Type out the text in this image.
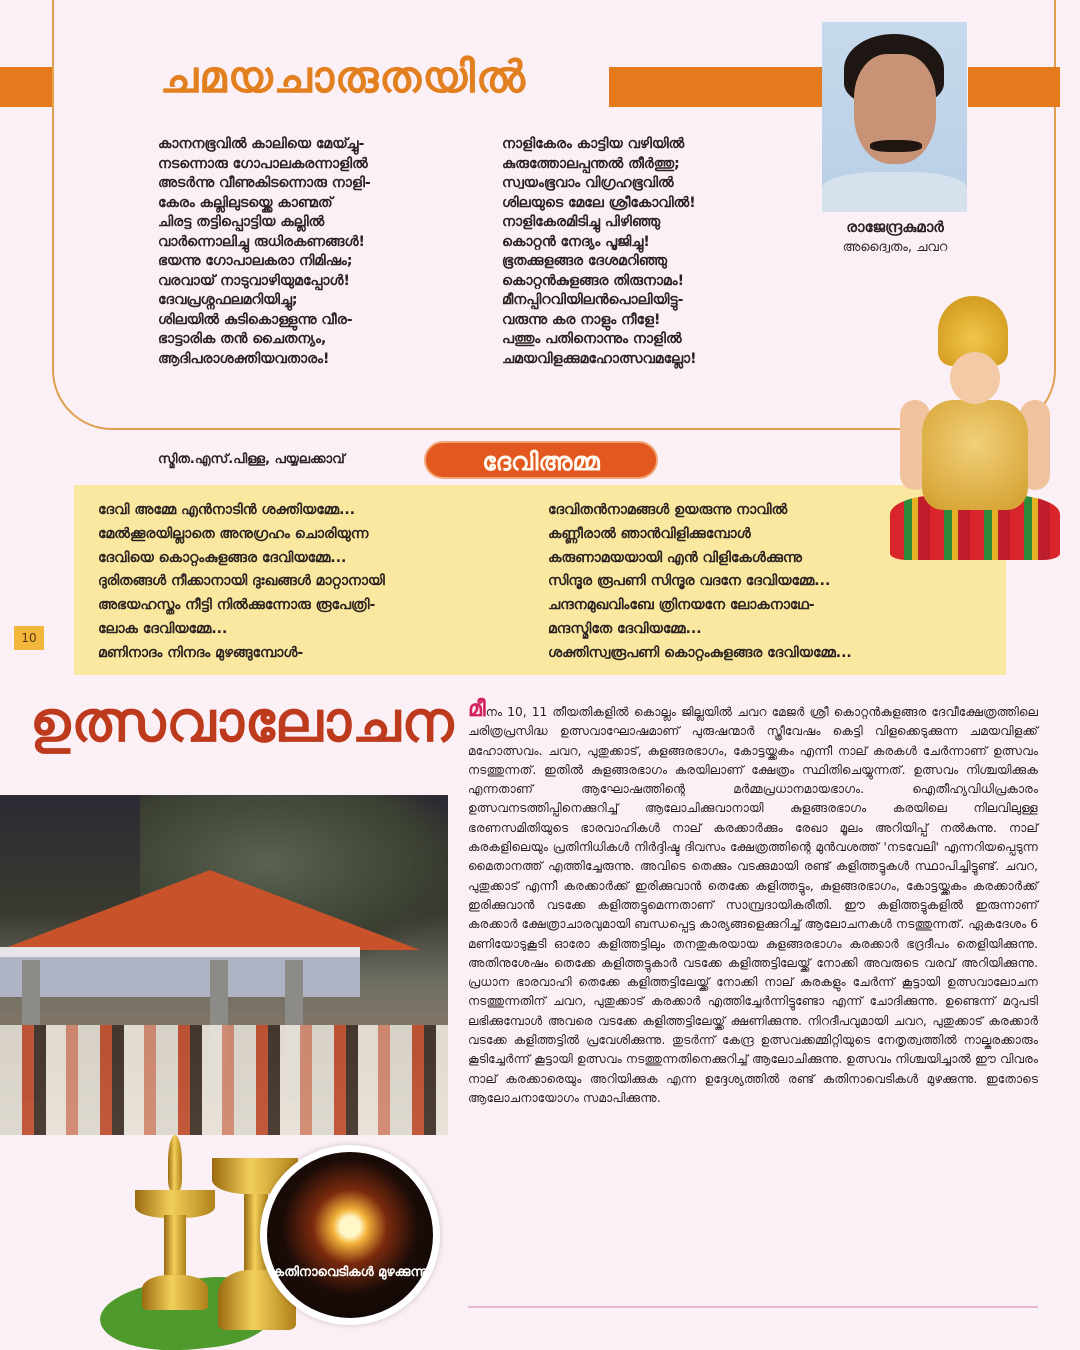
ചമയചാരുതയിൽ
കാനനഭൂവിൽ കാലിയെ മേയ്ച്ചു-
നടന്നൊരു ഗോപാലകരന്നാളിൽ
അടർന്നു വീണുകിടന്നൊരു നാളി-
കേരം കല്ലിലുടയ്ക്കെ കാണ്മത്
ചിരട്ട തട്ടിപ്പൊട്ടിയ കല്ലിൽ
വാർന്നൊലിച്ചു രുധിരകണങ്ങൾ!
ഭയന്നു ഗോപാലകരാ നിമിഷം;
വരവായ് നാടുവാഴിയുമപ്പോൾ!
ദേവപ്രശ്നഫലമറിയിച്ചു;
ശിലയിൽ കുടികൊള്ളുന്നു വീര-
ഭാട്ടാരിക തൻ ചൈതന്യം,
ആദിപരാശക്തിയവതാരം!
നാളികേരം കാട്ടിയ വഴിയിൽ
കുരുത്തോലപ്പന്തൽ തീർത്തു;
സ്വയംഭൂവാം വിഗ്രഹഭൂവിൽ
ശിലയുടെ മേലേ ശ്രീകോവിൽ!
നാളികേരമിടിച്ചു പിഴിഞ്ഞു
കൊറ്റൻ നേദ്യം പൂജിച്ചു!
ഭൂതക്കുളങ്ങര ദേശമറിഞ്ഞു
കൊറ്റൻകുളങ്ങര തിരുനാമം!
മീനപ്പിറവിയിലൻപൊലിയിട്ടു-
വരുന്നു കര നാളും നീളേ!
പത്തും പതിനൊന്നും നാളിൽ
ചമയവിളക്കുമഹോത്സവമല്ലോ!
രാജേന്ദ്രകുമാർ
അദ്വൈതം, ചവറ
സ്മിത.എസ്.പിള്ള, പയ്യലക്കാവ്	ദേവിഅമ്മ
ദേവി അമ്മേ എൻനാടിൻ ശക്തിയമ്മേ...
മേൽക്കൂരയില്ലാതെ അനുഗ്രഹം ചൊരിയുന്ന
ദേവിയെ കൊറ്റംകുളങ്ങര ദേവിയമ്മേ...
ദുരിതങ്ങൾ നീക്കാനായി ദുഃഖങ്ങൾ മാറ്റാനായി
അഭയഹസ്തം നീട്ടി നിൽക്കുന്നോരു രൂപേത്രി-
ലോക ദേവിയമ്മേ...
മണിനാദം നിനദം മുഴങ്ങുമ്പോൾ-
ദേവിതൻനാമങ്ങൾ ഉയരുന്നു നാവിൽ
കണ്ണീരാൽ ഞാൻവിളിക്കുമ്പോൾ
കരുണാമയയായി എൻ വിളികേൾക്കുന്നു
സിന്ദൂര രൂപണി സിന്ദൂര വദനേ ദേവിയമ്മേ...
ചന്ദനമുഖവിംബേ ത്രിനയനേ ലോകനാഥേ-
മന്ദസ്മിതേ ദേവിയമ്മേ...
ശക്തിസ്വരൂപണി കൊറ്റംകുളങ്ങര ദേവിയമ്മേ...
10
ഉത്സവാലോചന
കതിനാവെടികൾ മുഴക്കുന്നു
മീനം 10, 11 തീയതികളിൽ കൊല്ലം ജില്ലയിൽ ചവറ മേജർ ശ്രീ കൊറ്റൻകുളങ്ങര ദേവീക്ഷേത്രത്തിലെ ചരിത്രപ്രസിദ്ധ ഉത്സവാഘോഷമാണ് പുരുഷന്മാർ സ്ത്രീവേഷം കെട്ടി വിളക്കെടുക്കുന്ന ചമയവിളക്ക് മഹോത്സവം. ചവറ, പുതുക്കാട്, കുളങ്ങരഭാഗം, കോട്ടയ്ക്കകം എന്നീ നാല് കരകൾ ചേർന്നാണ് ഉത്സവം നടത്തുന്നത്. ഇതിൽ കുളങ്ങരഭാഗം കരയിലാണ് ക്ഷേത്രം സ്ഥിതിചെയ്യുന്നത്. ഉത്സവം നിശ്ചയിക്കുക എന്നതാണ് ആഘോഷത്തിന്റെ മർമ്മപ്രധാനമായഭാഗം. ഐതീഹ്യവിധിപ്രകാരം ഉത്സവനടത്തിപ്പിനെക്കുറിച്ച് ആലോചിക്കുവാനായി കുളങ്ങരഭാഗം കരയിലെ നിലവിലുള്ള ഭരണസമിതിയുടെ ഭാരവാഹികൾ നാല് കരക്കാർക്കും രേഖാ മൂലം അറിയിപ്പ് നൽകുന്നു. നാല് കരകളിലെയും പ്രതിനിധികൾ നിർദ്ദിഷ്ട ദിവസം ക്ഷേത്രത്തിന്റെ മുൻവശത്ത് 'നടവേലി' എന്നറിയപ്പെടുന്ന മൈതാനത്ത് എത്തിച്ചേരുന്നു. അവിടെ തെക്കും വടക്കുമായി രണ്ട് കളിത്തട്ടുകൾ സ്ഥാപിച്ചിട്ടുണ്ട്. ചവറ, പുതുക്കാട് എന്നീ കരക്കാർക്ക് ഇരിക്കുവാൻ തെക്കേ കളിത്തട്ടും, കുളങ്ങരഭാഗം, കോട്ടയ്ക്കകം കരക്കാർക്ക് ഇരിക്കുവാൻ വടക്കേ കളിത്തട്ടുമെന്നതാണ് സാമ്പ്രദായികരീതി. ഈ കളിത്തട്ടുകളിൽ ഇരുന്നാണ് കരക്കാർ ക്ഷേത്രാചാരവുമായി ബന്ധപ്പെട്ട കാര്യങ്ങളെക്കുറിച്ച് ആലോചനകൾ നടത്തുന്നത്. ഏകദേശം 6 മണിയോടുകൂടി ഓരോ കളിത്തട്ടിലും തനതുകരയായ കുളങ്ങരഭാഗം കരക്കാർ ഭദ്രദീപം തെളിയിക്കുന്നു. അതിനുശേഷം തെക്കേ കളിത്തട്ടുകാർ വടക്കേ കളിത്തട്ടിലേയ്ക്ക് നോക്കി അവരുടെ വരവ് അറിയിക്കുന്നു. പ്രധാന ഭാരവാഹി തെക്കേ കളിത്തട്ടിലേയ്ക്ക് നോക്കി നാല് കരകളും ചേർന്ന് കൂട്ടായി ഉത്സവാലോചന നടത്തുന്നതിന് ചവറ, പുതുക്കാട് കരക്കാർ എത്തിച്ചേർന്നിട്ടുണ്ടോ എന്ന് ചോദിക്കുന്നു. ഉണ്ടെന്ന് മറുപടി ലഭിക്കുമ്പോൾ അവരെ വടക്കേ കളിത്തട്ടിലേയ്ക്ക് ക്ഷണിക്കുന്നു. നിറദീപവുമായി ചവറ, പുതുക്കാട് കരക്കാർ വടക്കേ കളിത്തട്ടിൽ പ്രവേശിക്കുന്നു. തുടർന്ന് കേന്ദ്ര ഉത്സവക്കമ്മിറ്റിയുടെ നേതൃത്വത്തിൽ നാല്കരക്കാരും കൂടിച്ചേർന്ന് കൂട്ടായി ഉത്സവം നടത്തുന്നതിനെക്കുറിച്ച് ആലോചിക്കുന്നു. ഉത്സവം നിശ്ചയിച്ചാൽ ഈ വിവരം നാല് കരക്കാരെയും അറിയിക്കുക എന്ന ഉദ്ദേശ്യത്തിൽ രണ്ട് കതിനാവെടികൾ മുഴക്കുന്നു. ഇതോടെ ആലോചനായോഗം സമാപിക്കുന്നു.
